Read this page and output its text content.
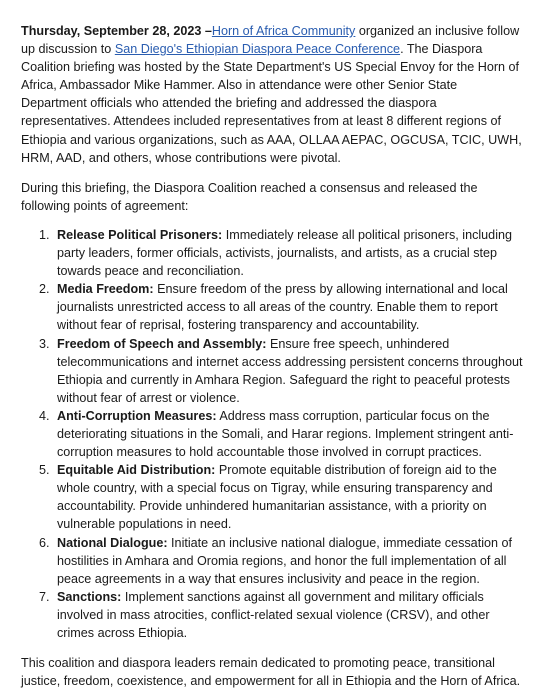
Thursday, September 28, 2023 –Horn of Africa Community organized an inclusive follow up discussion to San Diego's Ethiopian Diaspora Peace Conference. The Diaspora Coalition briefing was hosted by the State Department's US Special Envoy for the Horn of Africa, Ambassador Mike Hammer. Also in attendance were other Senior State Department officials who attended the briefing and addressed the diaspora representatives. Attendees included representatives from at least 8 different regions of Ethiopia and various organizations, such as AAA, OLLAA AEPAC, OGCUSA, TCIC, UWH, HRM, AAD, and others, whose contributions were pivotal.

During this briefing, the Diaspora Coalition reached a consensus and released the following points of agreement:

1. Release Political Prisoners: Immediately release all political prisoners, including party leaders, former officials, activists, journalists, and artists, as a crucial step towards peace and reconciliation.
2. Media Freedom: Ensure freedom of the press by allowing international and local journalists unrestricted access to all areas of the country. Enable them to report without fear of reprisal, fostering transparency and accountability.
3. Freedom of Speech and Assembly: Ensure free speech, unhindered telecommunications and internet access addressing persistent concerns throughout Ethiopia and currently in Amhara Region. Safeguard the right to peaceful protests without fear of arrest or violence.
4. Anti-Corruption Measures: Address mass corruption, particular focus on the deteriorating situations in the Somali, and Harar regions. Implement stringent anti-corruption measures to hold accountable those involved in corrupt practices.
5. Equitable Aid Distribution: Promote equitable distribution of foreign aid to the whole country, with a special focus on Tigray, while ensuring transparency and accountability. Provide unhindered humanitarian assistance, with a priority on vulnerable populations in need.
6. National Dialogue: Initiate an inclusive national dialogue, immediate cessation of hostilities in Amhara and Oromia regions, and honor the full implementation of all peace agreements in a way that ensures inclusivity and peace in the region.
7. Sanctions: Implement sanctions against all government and military officials involved in mass atrocities, conflict-related sexual violence (CRSV), and other crimes across Ethiopia.

This coalition and diaspora leaders remain dedicated to promoting peace, transitional justice, freedom, coexistence, and empowerment for all in Ethiopia and the Horn of Africa.
